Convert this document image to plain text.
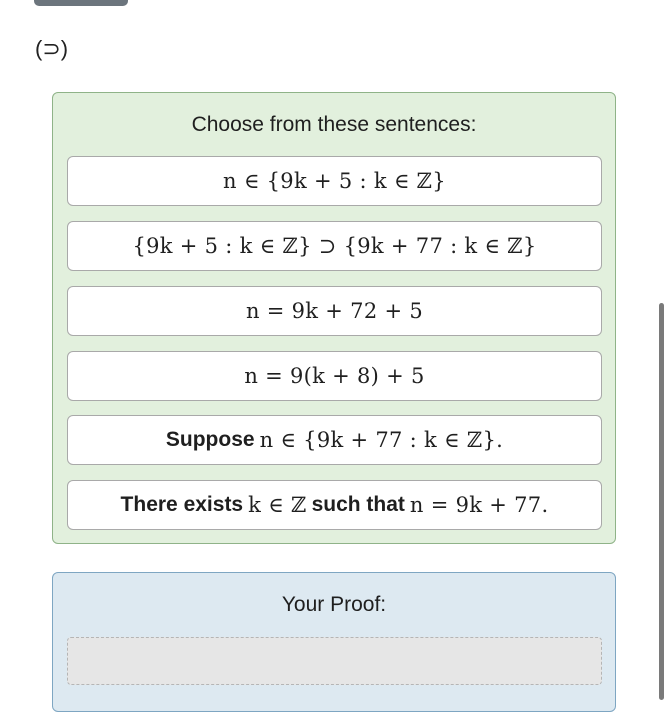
(⊃)
Choose from these sentences:
n ∈ {9k + 5 : k ∈ ℤ}
{9k + 5 : k ∈ ℤ} ⊃ {9k + 77 : k ∈ ℤ}
n = 9k + 72 + 5
n = 9(k + 8) + 5
Suppose n ∈ {9k + 77 : k ∈ ℤ}.
There exists k ∈ ℤ such that n = 9k + 77.
Your Proof:
